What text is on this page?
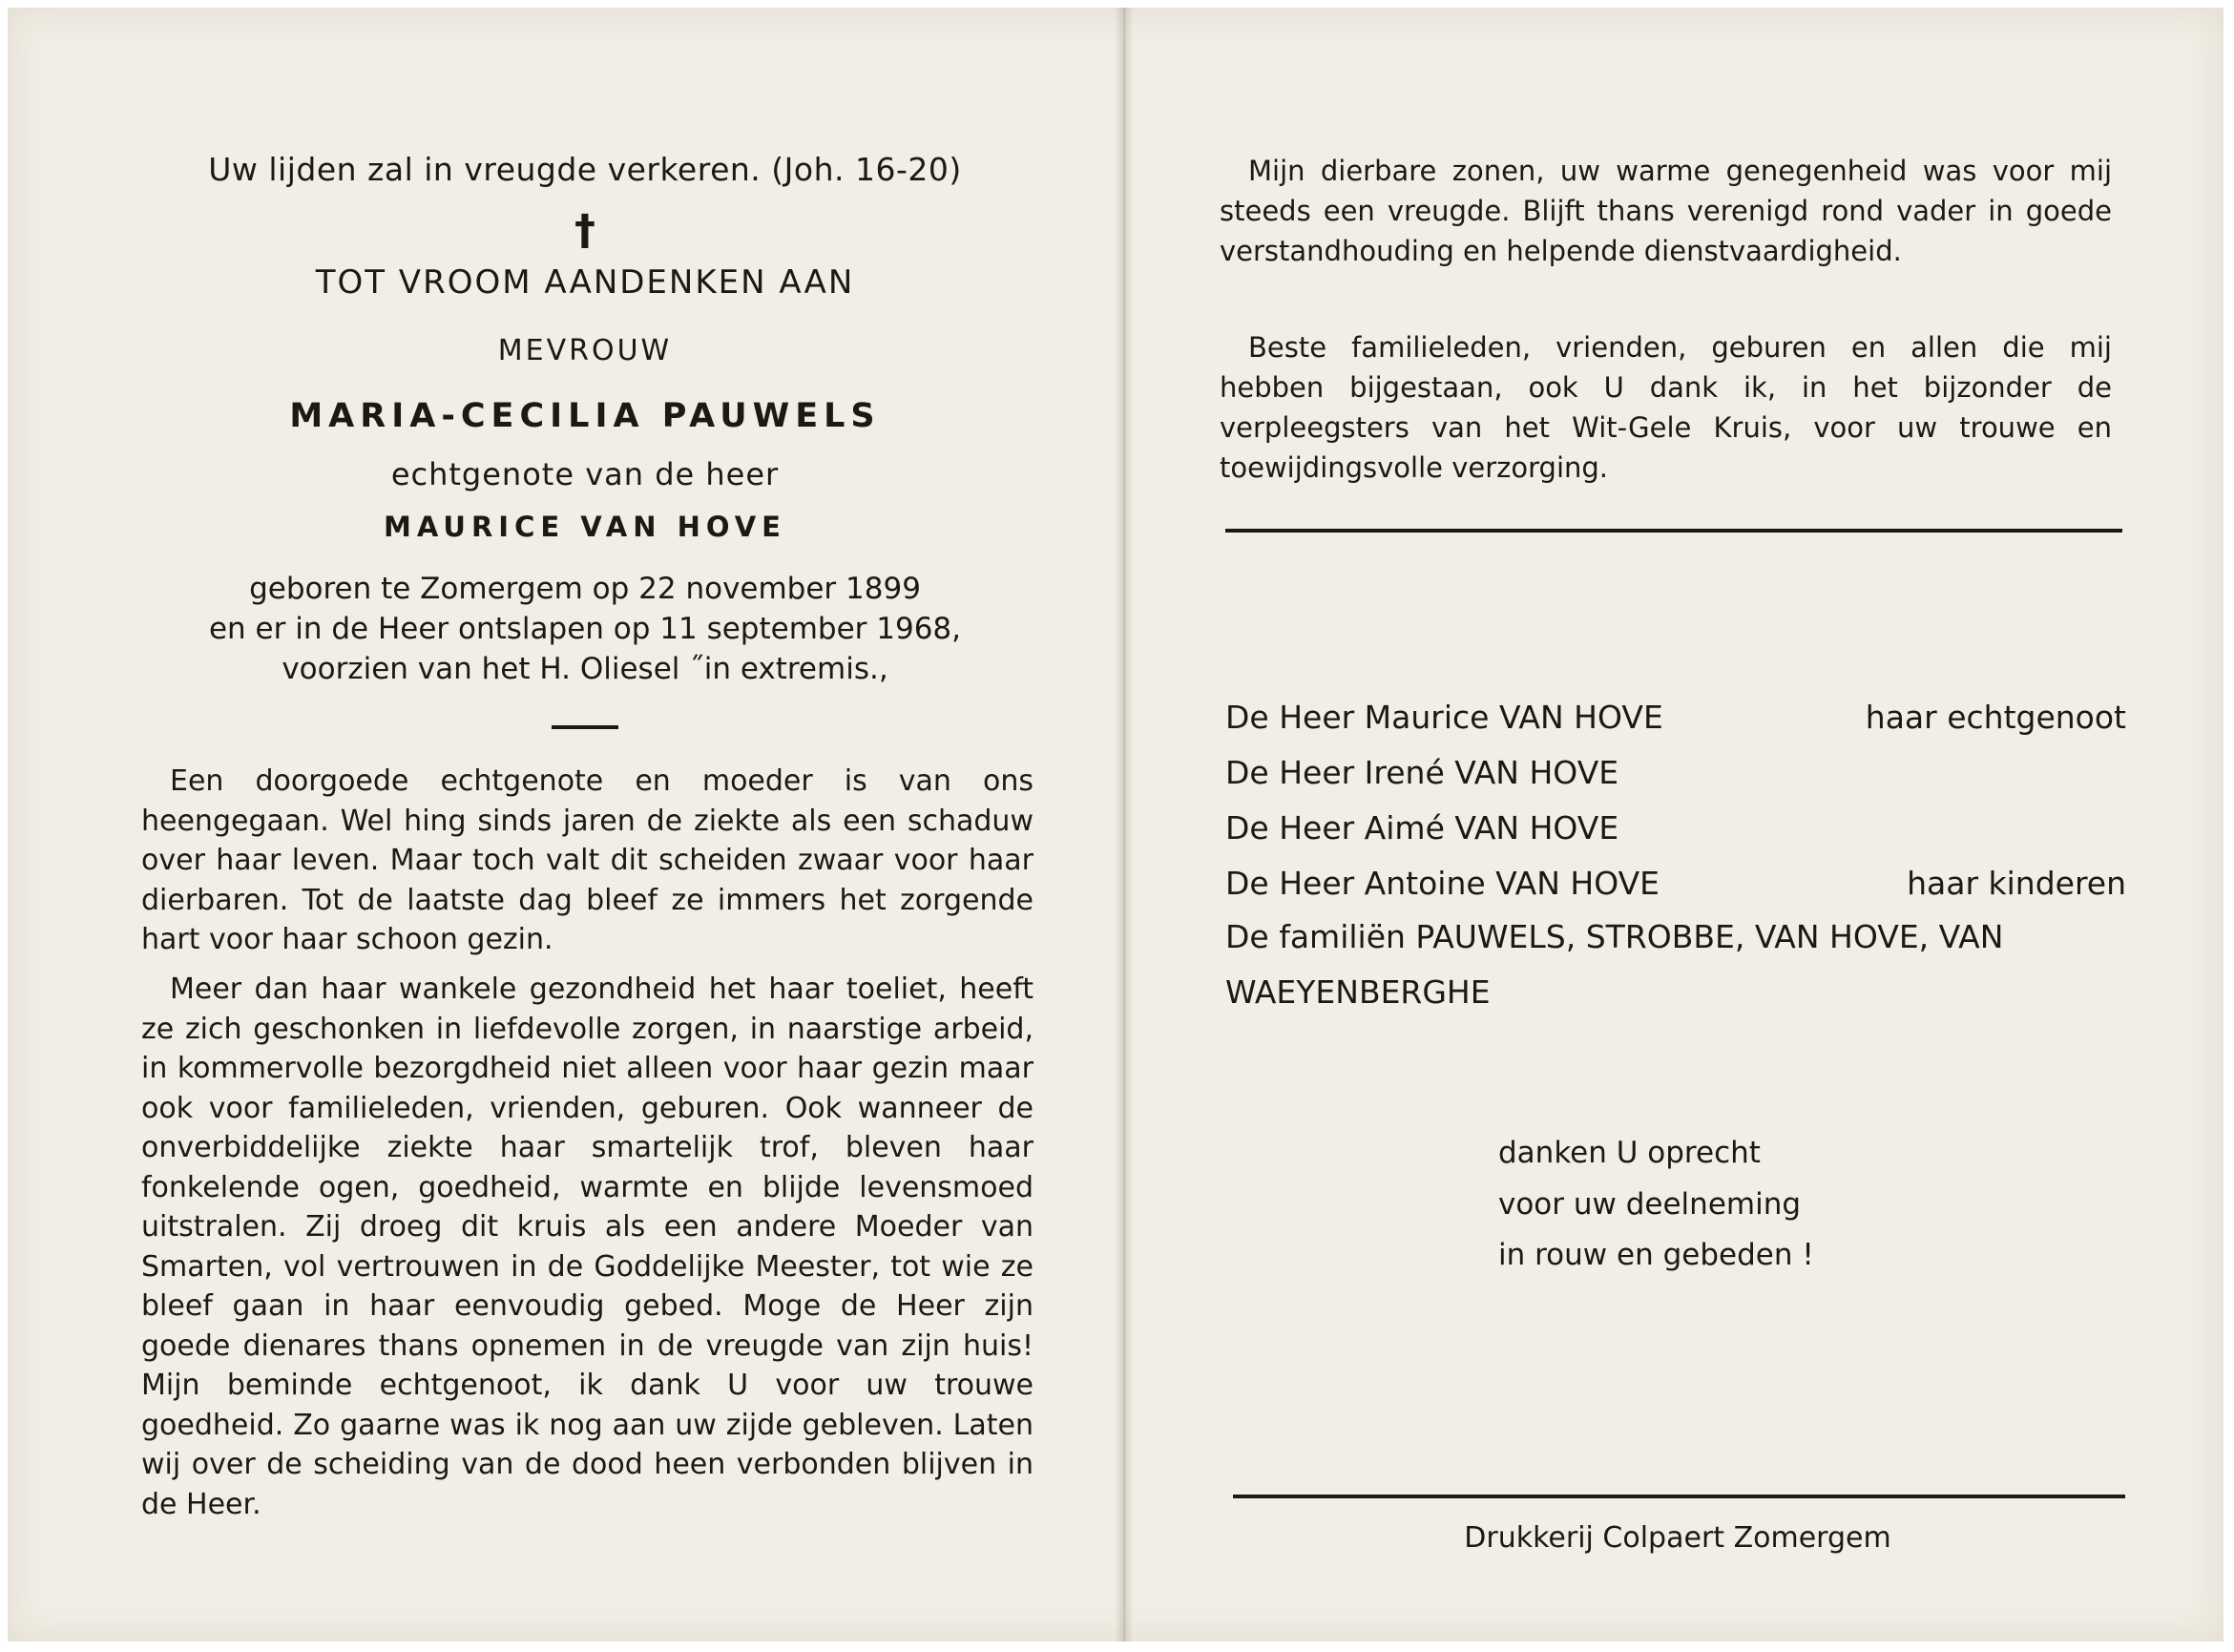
Uw lijden zal in vreugde verkeren. (Joh. 16-20)
†
TOT VROOM AANDENKEN AAN
MEVROUW
MARIA-CECILIA PAUWELS
echtgenote van de heer
MAURICE VAN HOVE
geboren te Zomergem op 22 november 1899
en er in de Heer ontslapen op 11 september 1968,
voorzien van het H. Oliesel ˝in extremis.,
Een doorgoede echtgenote en moeder is van ons heengegaan. Wel hing sinds jaren de ziekte als een schaduw over haar leven. Maar toch valt dit scheiden zwaar voor haar dierbaren. Tot de laatste dag bleef ze immers het zorgende hart voor haar schoon gezin.
Meer dan haar wankele gezondheid het haar toeliet, heeft ze zich geschonken in liefdevolle zorgen, in naarstige arbeid, in kommervolle bezorgdheid niet alleen voor haar gezin maar ook voor familieleden, vrienden, geburen. Ook wanneer de onverbiddelijke ziekte haar smartelijk trof, bleven haar fonkelende ogen, goedheid, warmte en blijde levensmoed uitstralen. Zij droeg dit kruis als een andere Moeder van Smarten, vol vertrouwen in de Goddelijke Meester, tot wie ze bleef gaan in haar eenvoudig gebed. Moge de Heer zijn goede dienares thans opnemen in de vreugde van zijn huis! Mijn beminde echtgenoot, ik dank U voor uw trouwe goedheid. Zo gaarne was ik nog aan uw zijde gebleven. Laten wij over de scheiding van de dood heen verbonden blijven in de Heer.
Mijn dierbare zonen, uw warme genegenheid was voor mij steeds een vreugde. Blijft thans verenigd rond vader in goede verstandhouding en helpende dienstvaardigheid.
Beste familieleden, vrienden, geburen en allen die mij hebben bijgestaan, ook U dank ik, in het bijzonder de verpleegsters van het Wit-Gele Kruis, voor uw trouwe en toewijdingsvolle verzorging.
De Heer Maurice VAN HOVE	haar echtgenoot
De Heer Irené VAN HOVE
De Heer Aimé VAN HOVE
De Heer Antoine VAN HOVE	haar kinderen
De familiën PAUWELS, STROBBE, VAN HOVE, VAN
WAEYENBERGHE
danken U oprecht
voor uw deelneming
in rouw en gebeden !
Drukkerij Colpaert Zomergem
